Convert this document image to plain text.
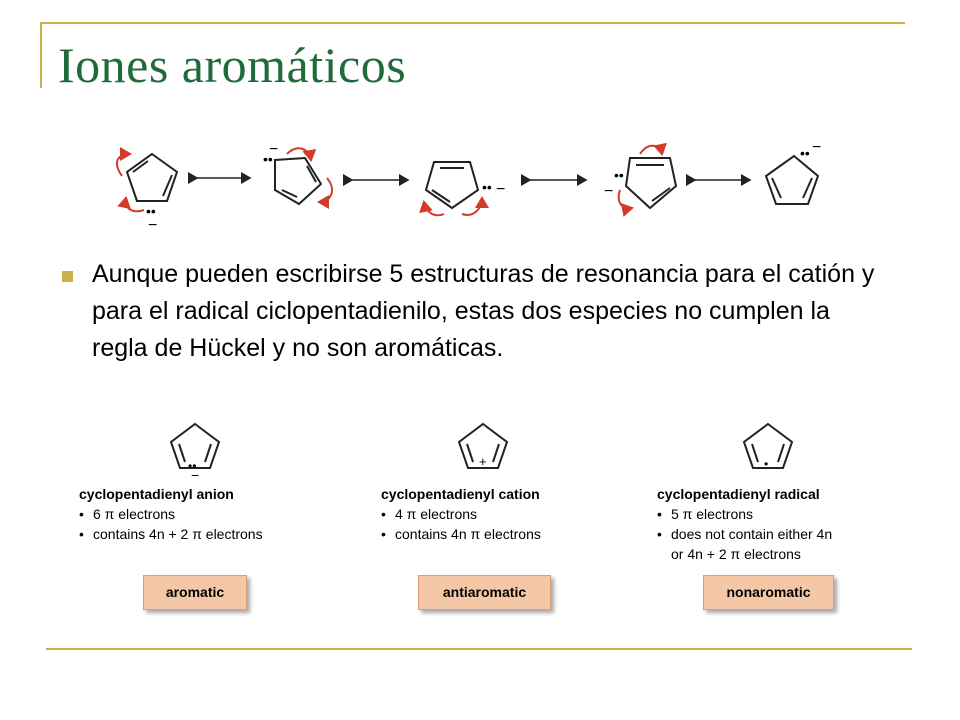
Iones aromáticos
••
−
••
−
•• −
••
−
•• −
Aunque pueden escribirse 5 estructuras de resonancia para el catión y para el radical ciclopentadienilo, estas dos especies no cumplen la regla de Hückel y no son aromáticas.
••
−
+	•
cyclopentadienyl anion
• 6 π electrons
• contains 4n + 2 π electrons
cyclopentadienyl cation
• 4 π electrons
• contains 4n π electrons
cyclopentadienyl radical
• 5 π electrons
• does not contain either 4n
or 4n + 2 π electrons
aromatic	antiaromatic	nonaromatic
